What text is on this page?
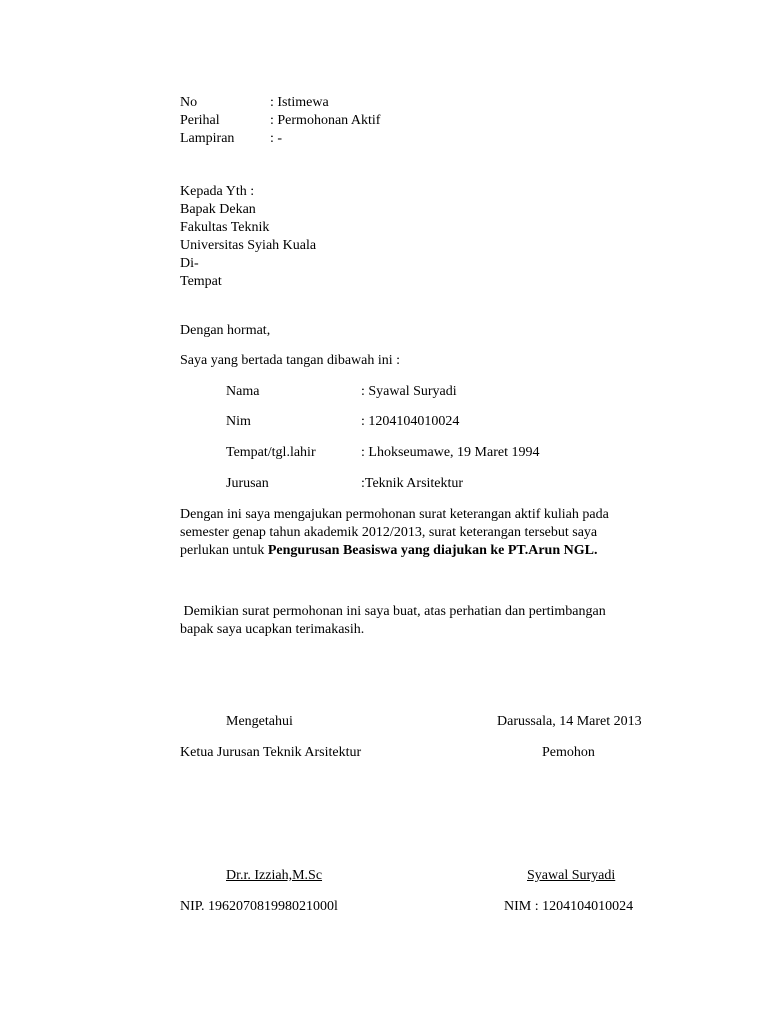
No	: Istimewa
Perihal	: Permohonan Aktif
Lampiran	: -
Kepada Yth :
Bapak Dekan
Fakultas Teknik
Universitas Syiah Kuala
Di-
Tempat
Dengan hormat,
Saya yang bertada tangan dibawah ini :
Nama	: Syawal Suryadi
Nim	: 1204104010024
Tempat/tgl.lahir	: Lhokseumawe, 19 Maret 1994
Jurusan	:Teknik Arsitektur
Dengan ini saya mengajukan permohonan surat keterangan aktif kuliah pada
semester genap tahun akademik 2012/2013, surat keterangan tersebut saya
perlukan untuk Pengurusan Beasiswa yang diajukan ke PT.Arun NGL.
Demikian surat permohonan ini saya buat, atas perhatian dan pertimbangan
bapak saya ucapkan terimakasih.
Mengetahui	Darussala, 14 Maret 2013
Ketua Jurusan Teknik Arsitektur	Pemohon
Dr.r. Izziah,M.Sc	Syawal Suryadi
NIP. 196207081998021000l	NIM : 1204104010024
